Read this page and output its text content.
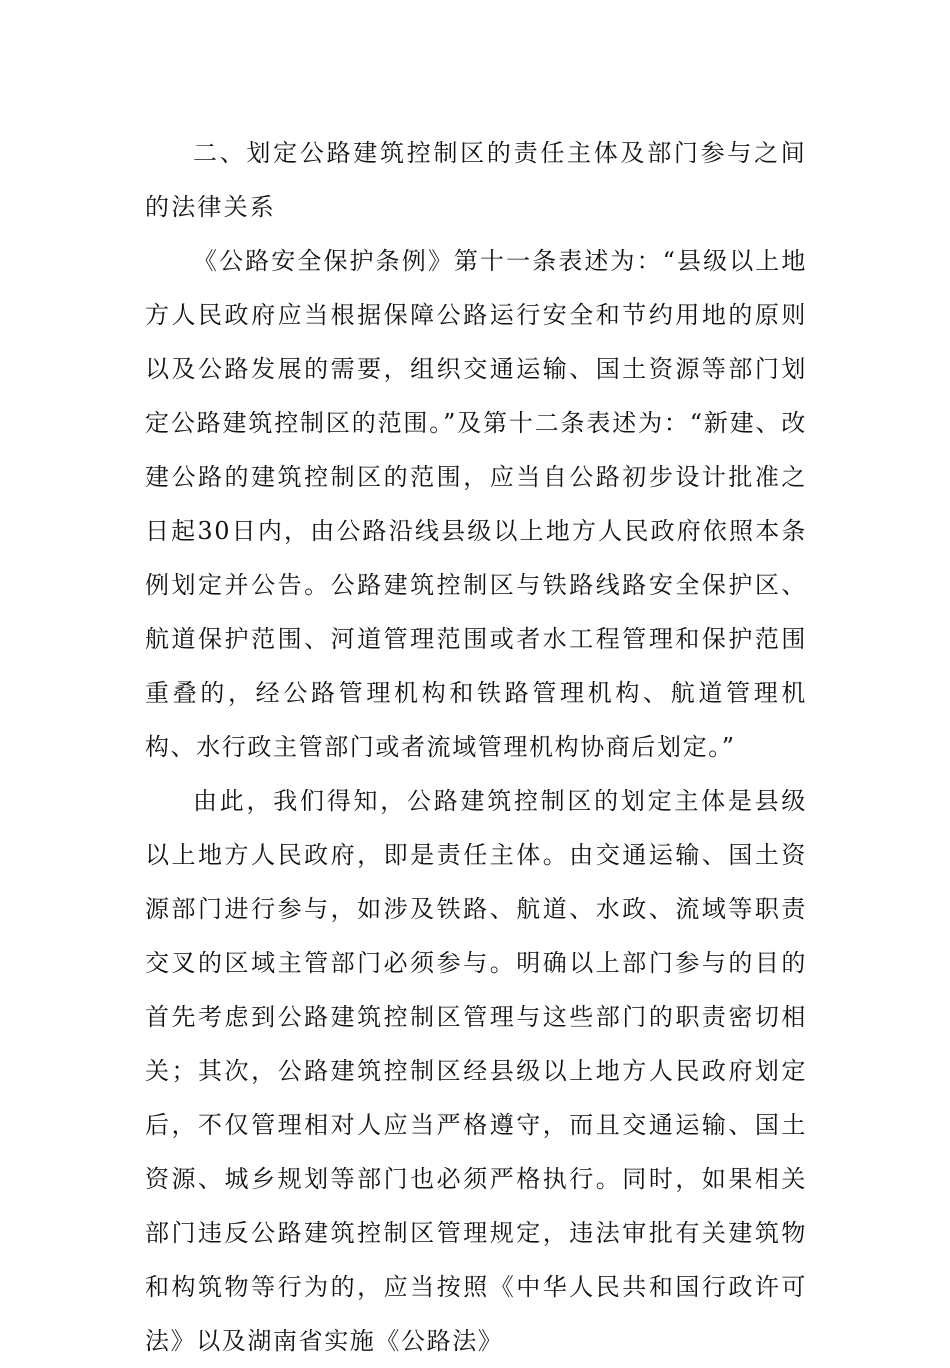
二、划定公路建筑控制区的责任主体及部门参与之间的法律关系

《公路安全保护条例》第十一条表述为：“县级以上地方人民政府应当根据保障公路运行安全和节约用地的原则以及公路发展的需要，组织交通运输、国土资源等部门划定公路建筑控制区的范围。”及第十二条表述为：“新建、改建公路的建筑控制区的范围，应当自公路初步设计批准之日起30日内，由公路沿线县级以上地方人民政府依照本条例划定并公告。公路建筑控制区与铁路线路安全保护区、航道保护范围、河道管理范围或者水工程管理和保护范围重叠的，经公路管理机构和铁路管理机构、航道管理机构、水行政主管部门或者流域管理机构协商后划定。”

由此，我们得知，公路建筑控制区的划定主体是县级以上地方人民政府，即是责任主体。由交通运输、国土资源部门进行参与，如涉及铁路、航道、水政、流域等职责交叉的区域主管部门必须参与。明确以上部门参与的目的首先考虑到公路建筑控制区管理与这些部门的职责密切相关；其次，公路建筑控制区经县级以上地方人民政府划定后，不仅管理相对人应当严格遵守，而且交通运输、国土资源、城乡规划等部门也必须严格执行。同时，如果相关部门违反公路建筑控制区管理规定，违法审批有关建筑物和构筑物等行为的，应当按照《中华人民共和国行政许可法》以及湖南省实施《公路法》
